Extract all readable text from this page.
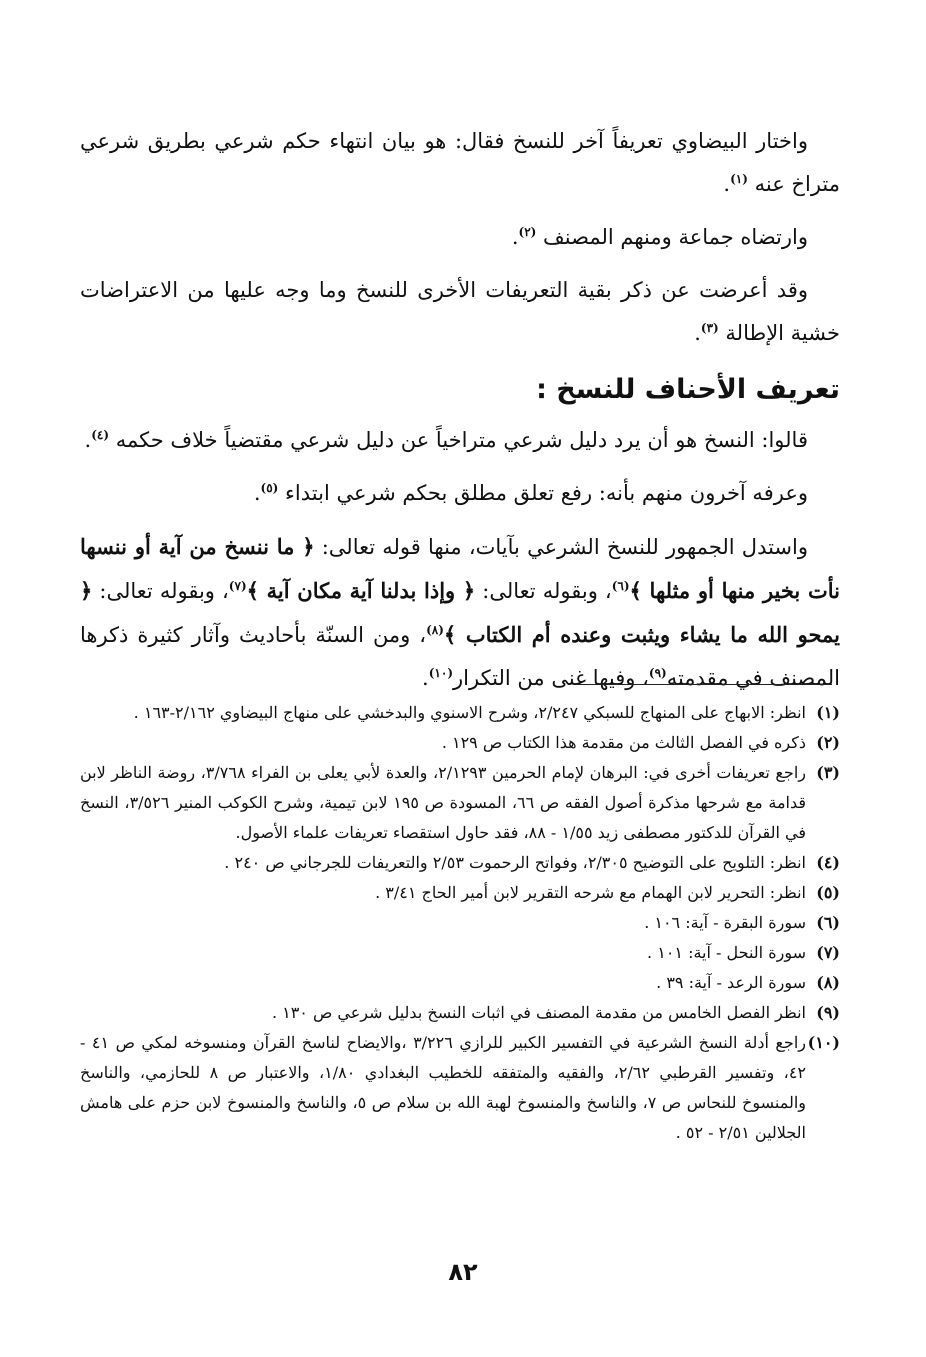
واختار البيضاوي تعريفاً آخر للنسخ فقال: هو بيان انتهاء حكم شرعي بطريق شرعي متراخ عنه $^{(١)}$.

وارتضاه جماعة ومنهم المصنف $^{(٢)}$.

وقد أعرضت عن ذكر بقية التعريفات الأخرى للنسخ وما وجه عليها من الاعتراضات خشية الإطالة $^{(٣)}$.

تعريف الأحناف للنسخ :

قالوا: النسخ هو أن يرد دليل شرعي متراخياً عن دليل شرعي مقتضياً خلاف حكمه $^{(٤)}$.

وعرفه آخرون منهم بأنه: رفع تعلق مطلق بحكم شرعي ابتداء $^{(٥)}$.

واستدل الجمهور للنسخ الشرعي بآيات، منها قوله تعالى: ﴿ ما ننسخ من آية أو ننسها نأت بخير منها أو مثلها ﴾$^{(٦)}$، وبقوله تعالى: ﴿ وإذا بدلنا آية مكان آية ﴾$^{(٧)}$، وبقوله تعالى: ﴿ يمحو الله ما يشاء ويثبت وعنده أم الكتاب ﴾$^{(٨)}$، ومن السنّة بأحاديث وآثار كثيرة ذكرها المصنف في مقدمته$^{(٩)}$، وفيها غنى من التكرار$^{(١٠)}$.

(١)
انظر: الابهاج على المنهاج للسبكي ٢/٢٤٧، وشرح الاسنوي والبدخشي على منهاج البيضاوي ٢/١٦٢-١٦٣ .
(٢)
ذكره في الفصل الثالث من مقدمة هذا الكتاب ص ١٢٩ .
(٣)
راجع تعريفات أخرى في: البرهان لإمام الحرمين ٢/١٢٩٣، والعدة لأبي يعلى بن الفراء ٣/٧٦٨، روضة الناظر لابن قدامة مع شرحها مذكرة أصول الفقه ص ٦٦، المسودة ص ١٩٥ لابن تيمية، وشرح الكوكب المنير ٣/٥٢٦، النسخ في القرآن للدكتور مصطفى زيد ١/٥٥ - ٨٨، فقد حاول استقصاء تعريفات علماء الأصول.
(٤)
انظر: التلويح على التوضيح ٢/٣٠٥، وفواتح الرحموت ٢/٥٣ والتعريفات للجرجاني ص ٢٤٠ .
(٥)
انظر: التحرير لابن الهمام مع شرحه التقرير لابن أمير الحاج ٣/٤١ .
(٦)
سورة البقرة - آية: ١٠٦ .
(٧)
سورة النحل - آية: ١٠١ .
(٨)
سورة الرعد - آية: ٣٩ .
(٩)
انظر الفصل الخامس من مقدمة المصنف في اثبات النسخ بدليل شرعي ص ١٣٠ .
(١٠)
راجع أدلة النسخ الشرعية في التفسير الكبير للرازي ٣/٢٢٦ ،والايضاح لناسخ القرآن ومنسوخه لمكي ص ٤١ - ٤٢، وتفسير القرطبي ٢/٦٢، والفقيه والمتفقه للخطيب البغدادي ١/٨٠، والاعتبار ص ٨ للحازمي، والناسخ والمنسوخ للنحاس ص ٧، والناسخ والمنسوخ لهبة الله بن سلام ص ٥، والناسخ والمنسوخ لابن حزم على هامش الجلالين ٢/٥١ - ٥٢ .
٨٢
